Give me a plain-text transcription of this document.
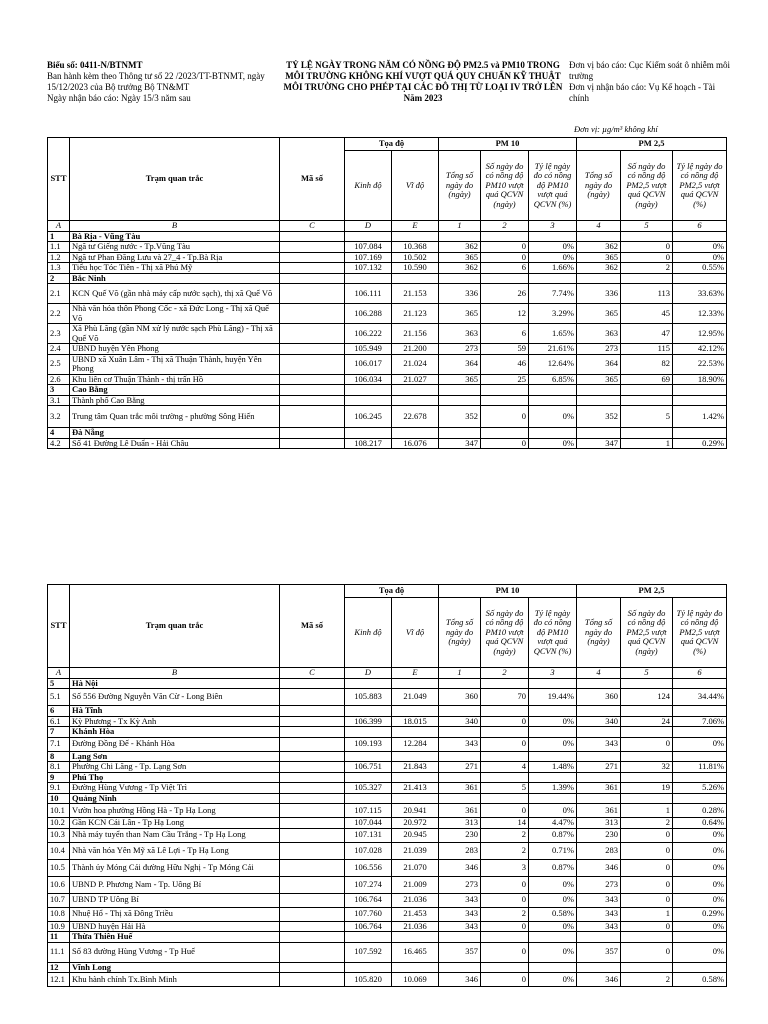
Biểu số: 0411-N/BTNMT
Ban hành kèm theo Thông tư số 22 /2023/TT-BTNMT, ngày
15/12/2023 của Bộ trưởng Bộ TN&MT
Ngày nhận báo cáo: Ngày 15/3 năm sau
TỶ LỆ NGÀY TRONG NĂM CÓ NỒNG ĐỘ PM2.5 và PM10 TRONG
MÔI TRƯỜNG KHÔNG KHÍ VƯỢT QUÁ QUY CHUẨN KỸ THUẬT
MÔI TRƯỜNG CHO PHÉP TẠI CÁC ĐÔ THỊ TỪ LOẠI IV TRỞ LÊN
Năm 2023
Đơn vị báo cáo: Cục Kiểm soát ô nhiễm môi trường
Đơn vị nhận báo cáo: Vụ Kế hoạch - Tài chính
Đơn vị: µg/m³ không khí
STT	Trạm quan trắc	Mã số	Tọa độ		PM 10			PM 2,5		
			Kinh độ	Vĩ độ	Tổng số ngày đo (ngày)	Số ngày đo có nồng độ PM10 vượt quá QCVN (ngày)	Tỷ lệ ngày đo có nồng độ PM10 vượt quá QCVN (%)	Tổng số ngày đo (ngày)	Số ngày đo có nồng độ PM2,5 vượt quá QCVN (ngày)	Tỷ lệ ngày đo có nồng độ PM2,5 vượt quá QCVN (%)
A	B	C	D	E	1	2	3	4	5	6
1	Bà Rịa - Vũng Tàu									
1.1	Ngã tư Giếng nước - Tp.Vũng Tàu		107.084	10.368	362	0	0%	362	0	0%
1.2	Ngã tư Phan Đăng Lưu và 27_4 - Tp.Bà Rịa		107.169	10.502	365	0	0%	365	0	0%
1.3	Tiểu học Tóc Tiên - Thị xã Phú Mỹ		107.132	10.590	362	6	1.66%	362	2	0.55%
2	Bắc Ninh									
2.1	KCN Quế Võ (gần nhà máy cấp nước sạch), thị xã Quế Võ		106.111	21.153	336	26	7.74%	336	113	33.63%
2.2	Nhà văn hóa thôn Phong Cốc - xã Đức Long - Thị xã Quế Võ		106.288	21.123	365	12	3.29%	365	45	12.33%
2.3	Xã Phù Lãng (gần NM xử lý nước sạch Phù Lãng) - Thị xã Quế Võ		106.222	21.156	363	6	1.65%	363	47	12.95%
2.4	UBND huyện Yên Phong		105.949	21.200	273	59	21.61%	273	115	42.12%
2.5	UBND xã Xuân Lâm - Thị xã Thuận Thành, huyện Yên Phong		106.017	21.024	364	46	12.64%	364	82	22.53%
2.6	Khu liên cơ Thuận Thành - thị trấn Hồ		106.034	21.027	365	25	6.85%	365	69	18.90%
3	Cao Bằng									
3.1	Thành phố Cao Bằng									
3.2	Trung tâm Quan trắc môi trường - phường Sông Hiến		106.245	22.678	352	0	0%	352	5	1.42%
4	Đà Nẵng									
4.2	Số 41 Đường Lê Duẩn - Hải Châu		108.217	16.076	347	0	0%	347	1	0.29%
STT	Trạm quan trắc	Mã số	Tọa độ		PM 10			PM 2,5		
			Kinh độ	Vĩ độ	Tổng số ngày đo (ngày)	Số ngày đo có nồng độ PM10 vượt quá QCVN (ngày)	Tỷ lệ ngày đo có nồng độ PM10 vượt quá QCVN (%)	Tổng số ngày đo (ngày)	Số ngày đo có nồng độ PM2,5 vượt quá QCVN (ngày)	Tỷ lệ ngày đo có nồng độ PM2,5 vượt quá QCVN (%)
A	B	C	D	E	1	2	3	4	5	6
5	Hà Nội									
5.1	Số 556 Đường Nguyễn Văn Cừ - Long Biên		105.883	21.049	360	70	19.44%	360	124	34.44%
6	Hà Tĩnh									
6.1	Kỳ Phương - Tx Kỳ Anh		106.399	18.015	340	0	0%	340	24	7.06%
7	Khánh Hòa									
7.1	Đường Đồng Đế - Khánh Hòa		109.193	12.284	343	0	0%	343	0	0%
8	Lạng Sơn									
8.1	Phường Chi Lăng - Tp. Lạng Sơn		106.751	21.843	271	4	1.48%	271	32	11.81%
9	Phú Thọ									
9.1	Đường Hùng Vương - Tp Việt Trì		105.327	21.413	361	5	1.39%	361	19	5.26%
10	Quảng Ninh									
10.1	Vườn hoa phường Hồng Hà - Tp Hạ Long		107.115	20.941	361	0	0%	361	1	0.28%
10.2	Gần KCN Cái Lân - Tp Hạ Long		107.044	20.972	313	14	4.47%	313	2	0.64%
10.3	Nhà máy tuyển than Nam Cầu Trắng - Tp Hạ Long		107.131	20.945	230	2	0.87%	230	0	0%
10.4	Nhà văn hóa Yên Mỹ xã Lê Lợi - Tp Hạ Long		107.028	21.039	283	2	0.71%	283	0	0%
10.5	Thành ủy Móng Cái đường Hữu Nghị - Tp Móng Cái		106.556	21.070	346	3	0.87%	346	0	0%
10.6	UBND P. Phương Nam - Tp. Uông Bí		107.274	21.009	273	0	0%	273	0	0%
10.7	UBND TP Uông Bí		106.764	21.036	343	0	0%	343	0	0%
10.8	Nhuệ Hổ - Thị xã Đông Triều		107.760	21.453	343	2	0.58%	343	1	0.29%
10.9	UBND huyện Hải Hà		106.764	21.036	343	0	0%	343	0	0%
11	Thừa Thiên Huế									
11.1	Số 83 đường Hùng Vương - Tp Huế		107.592	16.465	357	0	0%	357	0	0%
12	Vĩnh Long									
12.1	Khu hành chính Tx.Bình Minh		105.820	10.069	346	0	0%	346	2	0.58%
